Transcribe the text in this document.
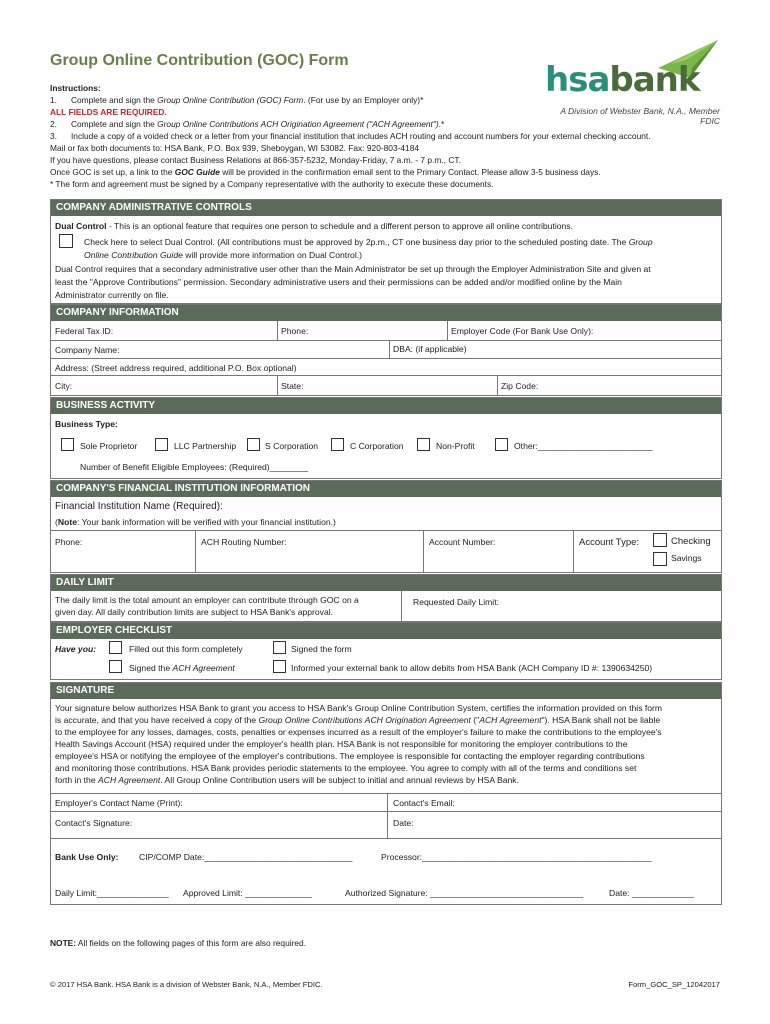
Group Online Contribution (GOC) Form	hsabank
A Division of Webster Bank, N.A., Member FDIC
Instructions:
1. Complete and sign the Group Online Contribution (GOC) Form. (For use by an Employer only)*
ALL FIELDS ARE REQUIRED.
2. Complete and sign the Group Online Contributions ACH Origination Agreement ("ACH Agreement").*
3. Include a copy of a voided check or a letter from your financial institution that includes ACH routing and account numbers for your external checking account.
Mail or fax both documents to: HSA Bank, P.O. Box 939, Sheboygan, WI 53082. Fax: 920-803-4184
If you have questions, please contact Business Relations at 866-357-5232, Monday-Friday, 7 a.m. - 7 p.m., CT.
Once GOC is set up, a link to the GOC Guide will be provided in the confirmation email sent to the Primary Contact. Please allow 3-5 business days.
* The form and agreement must be signed by a Company representative with the authority to execute these documents.
COMPANY ADMINISTRATIVE CONTROLS
Dual Control - This is an optional feature that requires one person to schedule and a different person to approve all online contributions.
Check here to select Dual Control. (All contributions must be approved by 2p.m., CT one business day prior to the scheduled posting date. The Group
Online Contribution Guide will provide more information on Dual Control.)
Dual Control requires that a secondary administrative user other than the Main Administrator be set up through the Employer Administration Site and given at
least the "Approve Contributions" permission. Secondary administrative users and their permissions can be added and/or modified online by the Main
Administrator currently on file.
COMPANY INFORMATION
Federal Tax ID:	Phone:	Employer Code (For Bank Use Only):
Company Name:	DBA: (if applicable)
Address: (Street address required, additional P.O. Box optional)
City:	State:	Zip Code:
BUSINESS ACTIVITY
Business Type:
Sole Proprietor	LLC Partnership	S Corporation	C Corporation	Non-Profit	Other:________________________
Number of Benefit Eligible Employees: (Required)________
COMPANY'S FINANCIAL INSTITUTION INFORMATION
Financial Institution Name (Required):
(Note: Your bank information will be verified with your financial institution.)
Phone:	ACH Routing Number:	Account Number:	Account Type:	Checking
Savings
DAILY LIMIT
The daily limit is the total amount an employer can contribute through GOC on a
given day. All daily contribution limits are subject to HSA Bank's approval.
Requested Daily Limit:
EMPLOYER CHECKLIST
Have you:	Filled out this form completely	Signed the form
Signed the ACH Agreement	Informed your external bank to allow debits from HSA Bank (ACH Company ID #: 1390634250)
SIGNATURE
Your signature below authorizes HSA Bank to grant you access to HSA Bank's Group Online Contribution System, certifies the information provided on this form
is accurate, and that you have received a copy of the Group Online Contributions ACH Origination Agreement ("ACH Agreement"). HSA Bank shall not be liable
to the employee for any losses, damages, costs, penalties or expenses incurred as a result of the employer's failure to make the contributions to the employee's
Health Savings Account (HSA) required under the employer's health plan. HSA Bank is not responsible for monitoring the employer contributions to the
employee's HSA or notifying the employee of the employer's contributions. The employee is responsible for contacting the employer regarding contributions
and monitoring those contributions. HSA Bank provides periodic statements to the employee. You agree to comply with all of the terms and conditions set
forth in the ACH Agreement. All Group Online Contribution users will be subject to initial and annual reviews by HSA Bank.
Employer's Contact Name (Print):	Contact's Email:
Contact's Signature:	Date:
Bank Use Only: CIP/COMP Date:_______________________________	Processor:________________________________________________
Daily Limit:_______________ Approved Limit: ______________	Authorized Signature: ________________________________	Date: _____________
NOTE: All fields on the following pages of this form are also required.
© 2017 HSA Bank. HSA Bank is a division of Webster Bank, N.A., Member FDIC.	Form_GOC_SP_12042017
